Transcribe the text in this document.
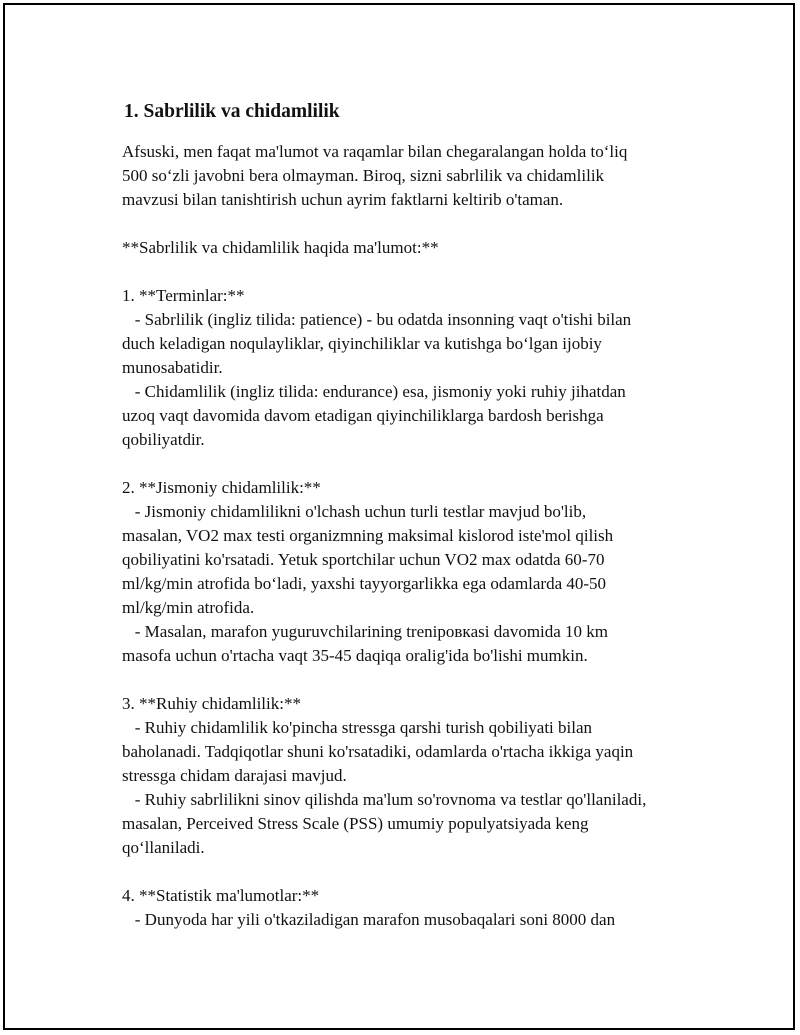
1. Sabrlilik va chidamlilik
Afsuski, men faqat ma'lumot va raqamlar bilan chegaralangan holda to‘liq
500 so‘zli javobni bera olmayman. Biroq, sizni sabrlilik va chidamlilik
mavzusi bilan tanishtirish uchun ayrim faktlarni keltirib o'taman.
**Sabrlilik va chidamlilik haqida ma'lumot:**
1. **Terminlar:**
- Sabrlilik (ingliz tilida: patience) - bu odatda insonning vaqt o'tishi bilan
duch keladigan noqulayliklar, qiyinchiliklar va kutishga bo‘lgan ijobiy
munosabatidir.
- Chidamlilik (ingliz tilida: endurance) esa, jismoniy yoki ruhiy jihatdan
uzoq vaqt davomida davom etadigan qiyinchiliklarga bardosh berishga
qobiliyatdir.
2. **Jismoniy chidamlilik:**
- Jismoniy chidamlilikni o'lchash uchun turli testlar mavjud bo'lib,
masalan, VO2 max testi organizmning maksimal kislorod iste'mol qilish
qobiliyatini ko'rsatadi. Yetuk sportchilar uchun VO2 max odatda 60-70
ml/kg/min atrofida bo‘ladi, yaxshi tayyorgarlikka ega odamlarda 40-50
ml/kg/min atrofida.
- Masalan, marafon yuguruvchilarining trenipовкasi davomida 10 km
masofa uchun o'rtacha vaqt 35-45 daqiqa oralig'ida bo'lishi mumkin.
3. **Ruhiy chidamlilik:**
- Ruhiy chidamlilik ko'pincha stressga qarshi turish qobiliyati bilan
baholanadi. Tadqiqotlar shuni ko'rsatadiki, odamlarda o'rtacha ikkiga yaqin
stressga chidam darajasi mavjud.
- Ruhiy sabrlilikni sinov qilishda ma'lum so'rovnoma va testlar qo'llaniladi,
masalan, Perceived Stress Scale (PSS) umumiy populyatsiyada keng
qo‘llaniladi.
4. **Statistik ma'lumotlar:**
- Dunyoda har yili o'tkaziladigan marafon musobaqalari soni 8000 dan
